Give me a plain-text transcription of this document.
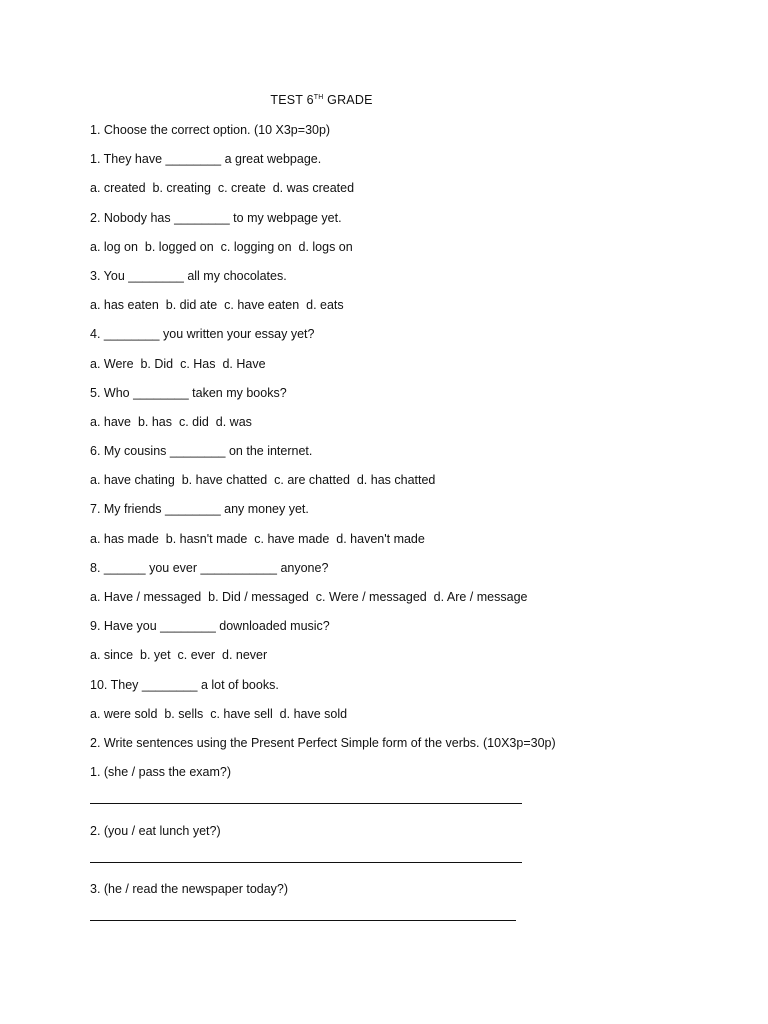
TEST 6TH GRADE
1. Choose the correct option. (10 X3p=30p)
1. They have ________ a great webpage.
a. created  b. creating  c. create  d. was created
2. Nobody has ________ to my webpage yet.
a. log on  b. logged on  c. logging on  d. logs on
3. You ________ all my chocolates.
a. has eaten  b. did ate  c. have eaten  d. eats
4. ________ you written your essay yet?
a. Were  b. Did  c. Has  d. Have
5. Who ________ taken my books?
a. have  b. has  c. did  d. was
6. My cousins ________ on the internet.
a. have chating  b. have chatted  c. are chatted  d. has chatted
7. My friends ________ any money yet.
a. has made  b. hasn't made  c. have made  d. haven't made
8. ______ you ever ___________ anyone?
a. Have / messaged  b. Did / messaged  c. Were / messaged  d. Are / message
9. Have you ________ downloaded music?
a. since  b. yet  c. ever  d. never
10. They ________ a lot of books.
a. were sold  b. sells  c. have sell  d. have sold
2. Write sentences using the Present Perfect Simple form of the verbs. (10X3p=30p)
1. (she / pass the exam?)
2. (you / eat lunch yet?)
3. (he / read the newspaper today?)
